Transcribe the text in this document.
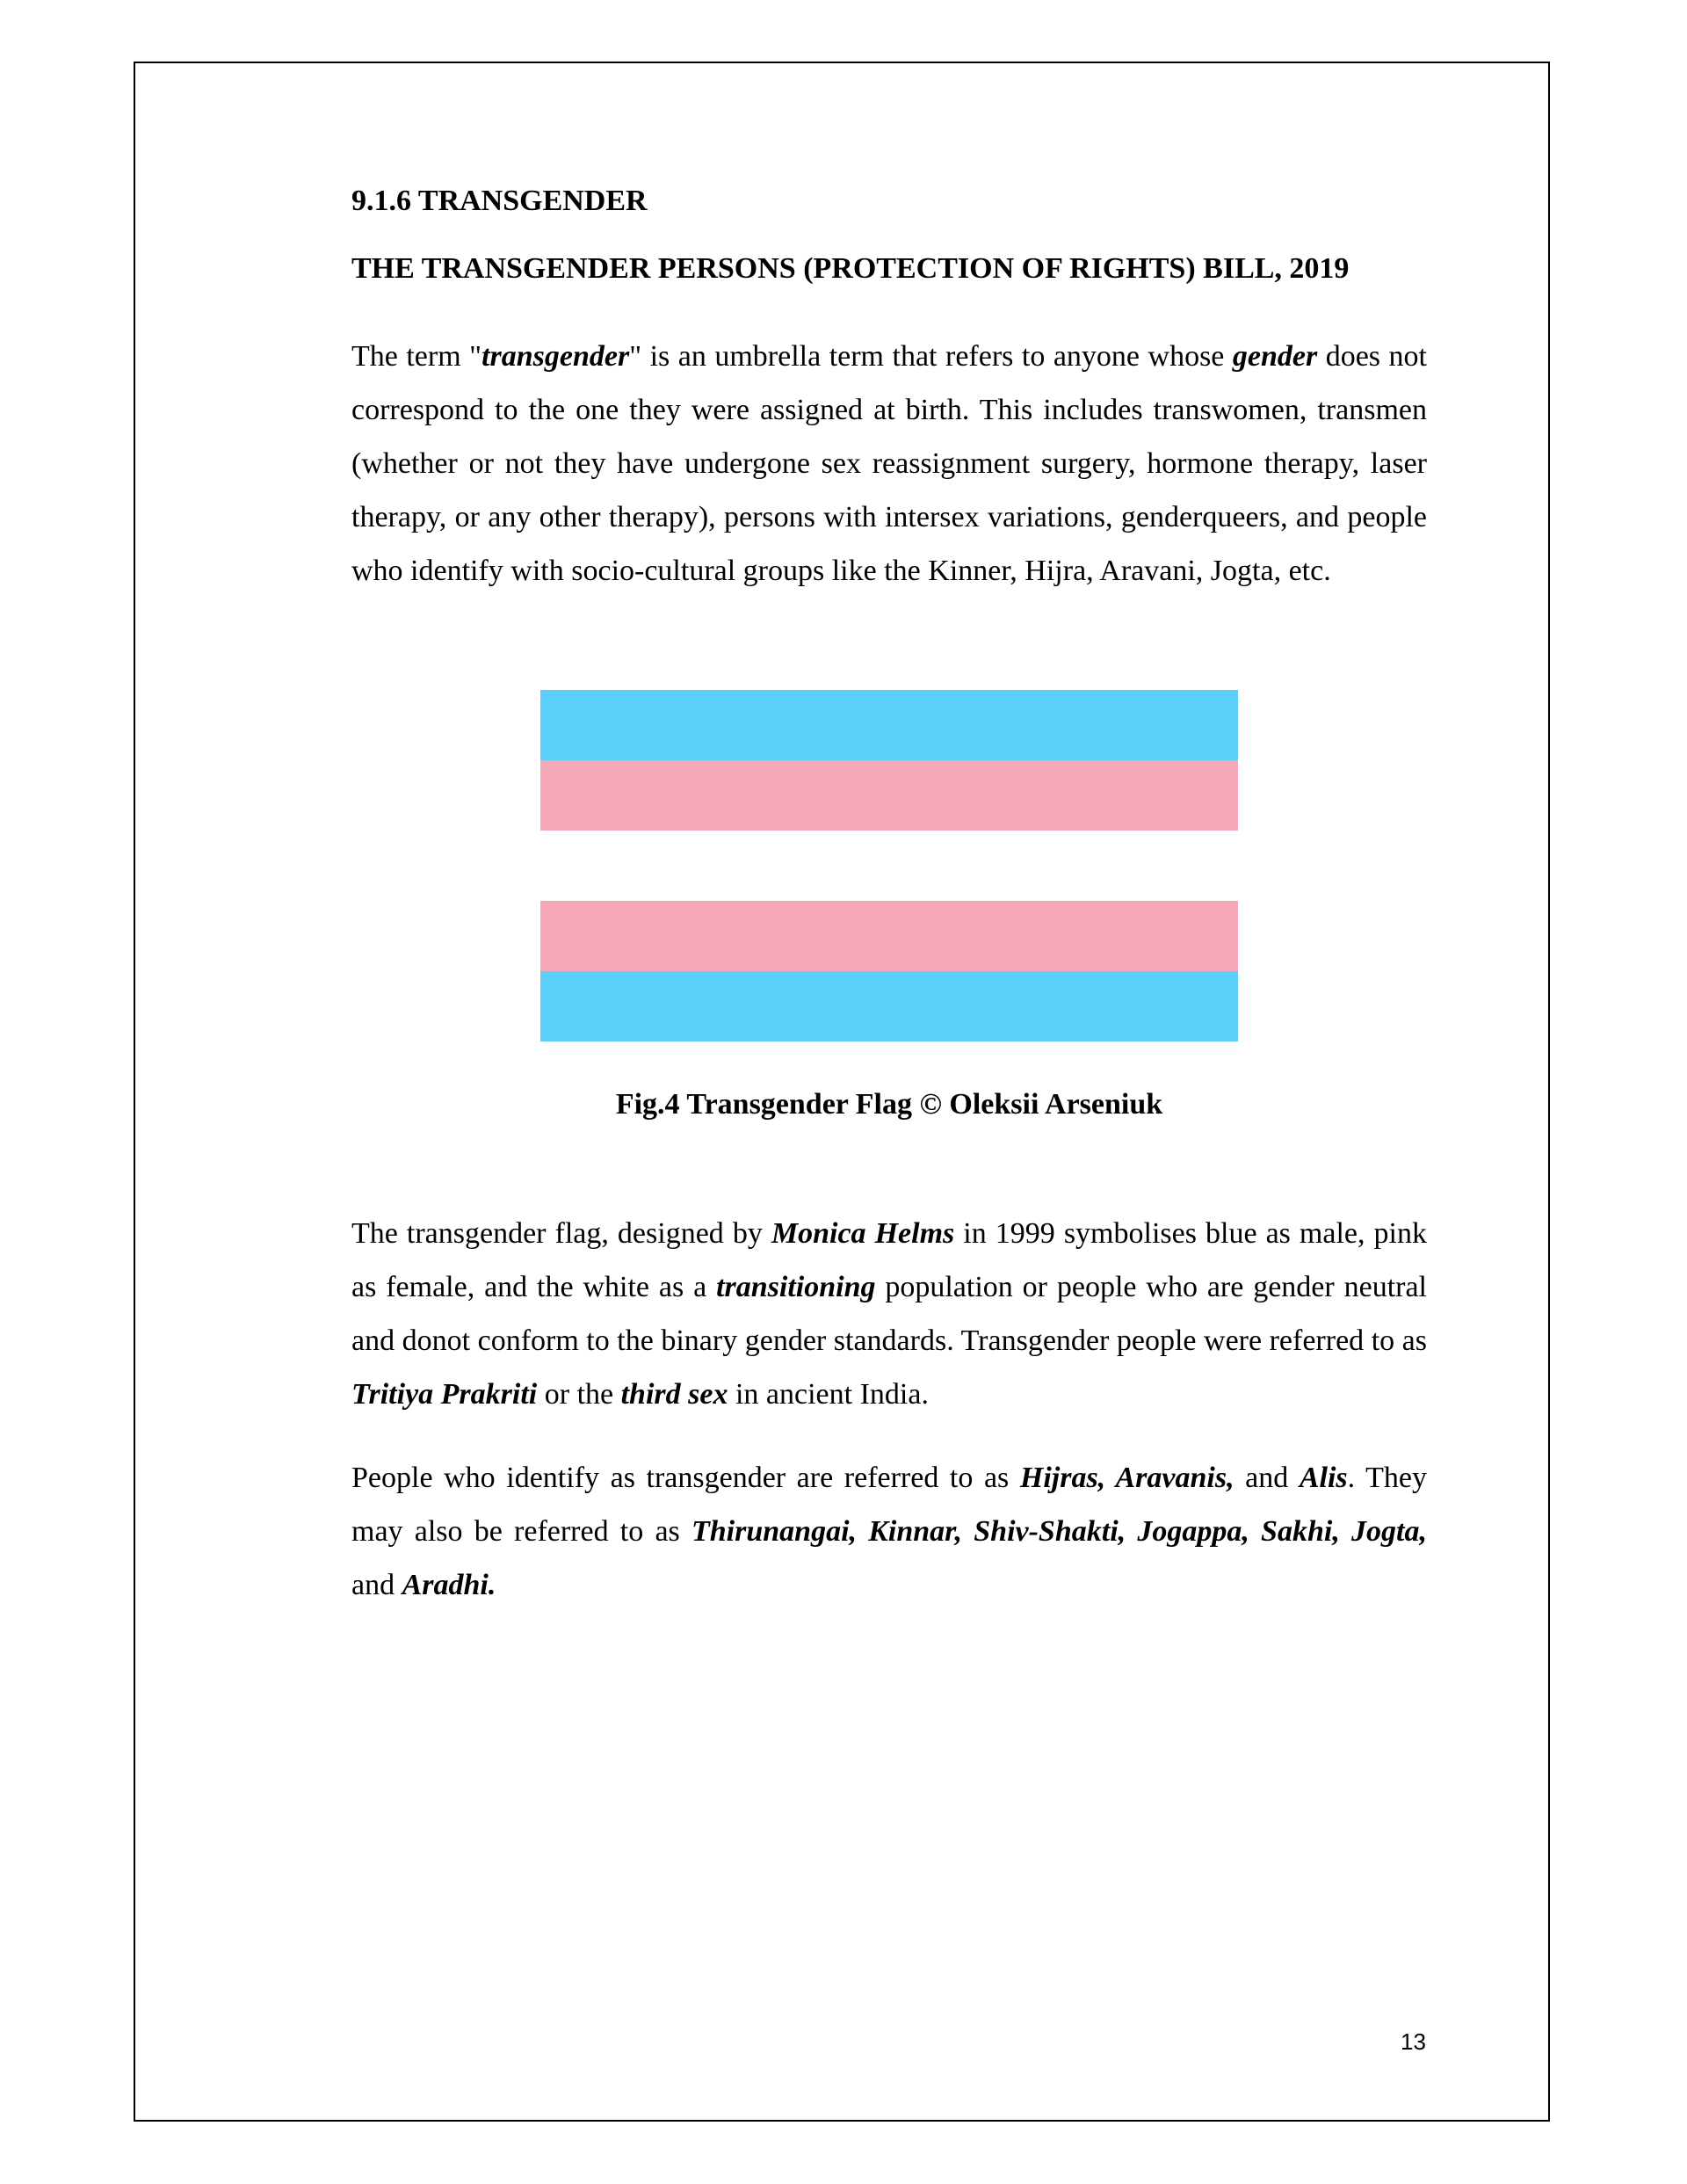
9.1.6 TRANSGENDER
THE TRANSGENDER PERSONS (PROTECTION OF RIGHTS) BILL, 2019

The term "transgender" is an umbrella term that refers to anyone whose gender does not correspond to the one they were assigned at birth. This includes transwomen, transmen (whether or not they have undergone sex reassignment surgery, hormone therapy, laser therapy, or any other therapy), persons with intersex variations, genderqueers, and people who identify with socio-cultural groups like the Kinner, Hijra, Aravani, Jogta, etc.

Fig.4 Transgender Flag © Oleksii Arseniuk

The transgender flag, designed by Monica Helms in 1999 symbolises blue as male, pink as female, and the white as a transitioning population or people who are gender neutral and donot conform to the binary gender standards. Transgender people were referred to as Tritiya Prakriti or the third sex in ancient India.

People who identify as transgender are referred to as Hijras, Aravanis, and Alis. They may also be referred to as Thirunangai, Kinnar, Shiv-Shakti, Jogappa, Sakhi, Jogta, and Aradhi.

13
